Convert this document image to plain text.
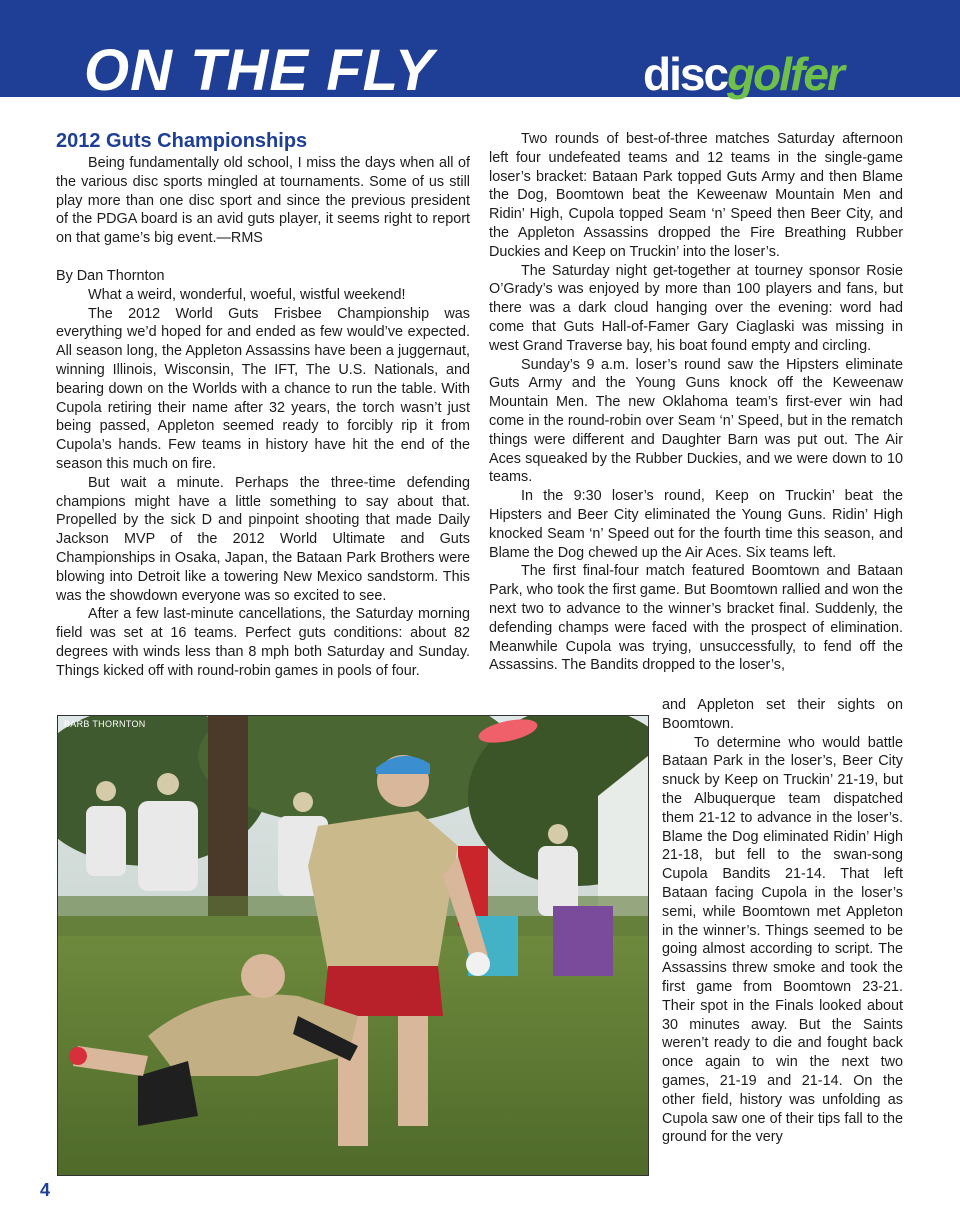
ON THE FLY	discgolfer
2012 Guts Championships

Being fundamentally old school, I miss the days when all of the various disc sports mingled at tournaments. Some of us still play more than one disc sport and since the previous president of the PDGA board is an avid guts player, it seems right to report on that game’s big event.—RMS

By Dan Thornton

What a weird, wonderful, woeful, wistful weekend!

The 2012 World Guts Frisbee Championship was everything we’d hoped for and ended as few would’ve expected. All season long, the Appleton Assassins have been a juggernaut, winning Illinois, Wisconsin, The IFT, The U.S. Nationals, and bearing down on the Worlds with a chance to run the table. With Cupola retiring their name after 32 years, the torch wasn’t just being passed, Appleton seemed ready to forcibly rip it from Cupola’s hands. Few teams in history have hit the end of the season this much on fire.

But wait a minute. Perhaps the three-time defending champions might have a little something to say about that. Propelled by the sick D and pinpoint shooting that made Daily Jackson MVP of the 2012 World Ultimate and Guts Championships in Osaka, Japan, the Bataan Park Brothers were blowing into Detroit like a towering New Mexico sandstorm. This was the showdown everyone was so excited to see.

After a few last-minute cancellations, the Saturday morning field was set at 16 teams. Perfect guts conditions: about 82 degrees with winds less than 8 mph both Saturday and Sunday. Things kicked off with round-robin games in pools of four.

Two rounds of best-of-three matches Saturday afternoon left four undefeated teams and 12 teams in the single-game loser’s bracket: Bataan Park topped Guts Army and then Blame the Dog, Boomtown beat the Keweenaw Mountain Men and Ridin’ High, Cupola topped Seam ‘n’ Speed then Beer City, and the Appleton Assassins dropped the Fire Breathing Rubber Duckies and Keep on Truckin’ into the loser’s.

The Saturday night get-together at tourney sponsor Rosie O’Grady’s was enjoyed by more than 100 players and fans, but there was a dark cloud hanging over the evening: word had come that Guts Hall-of-Famer Gary Ciaglaski was missing in west Grand Traverse bay, his boat found empty and circling.

Sunday’s 9 a.m. loser’s round saw the Hipsters eliminate Guts Army and the Young Guns knock off the Keweenaw Mountain Men. The new Oklahoma team’s first-ever win had come in the round-robin over Seam ‘n’ Speed, but in the rematch things were different and Daughter Barn was put out. The Air Aces squeaked by the Rubber Duckies, and we were down to 10 teams.

In the 9:30 loser’s round, Keep on Truckin’ beat the Hipsters and Beer City eliminated the Young Guns. Ridin’ High knocked Seam ‘n’ Speed out for the fourth time this season, and Blame the Dog chewed up the Air Aces. Six teams left.

The first final-four match featured Boomtown and Bataan Park, who took the first game. But Boomtown rallied and won the next two to advance to the winner’s bracket final. Suddenly, the defending champs were faced with the prospect of elimination. Meanwhile Cupola was trying, unsuccessfully, to fend off the Assassins. The Bandits dropped to the loser’s,

and Appleton set their sights on Boomtown.

To determine who would battle Bataan Park in the loser’s, Beer City snuck by Keep on Truckin’ 21-19, but the Albuquerque team dispatched them 21-12 to advance in the loser’s. Blame the Dog eliminated Ridin’ High 21-18, but fell to the swan-song Cupola Bandits 21-14. That left Bataan facing Cupola in the loser’s semi, while Boomtown met Appleton in the winner’s. Things seemed to be going almost according to script. The Assassins threw smoke and took the first game from Boomtown 23-21. Their spot in the Finals looked about 30 minutes away. But the Saints weren’t ready to die and fought back once again to win the next two games, 21-19 and 21-14. On the other field, history was unfolding as Cupola saw one of their tips fall to the ground for the very

BARB THORNTON
4
